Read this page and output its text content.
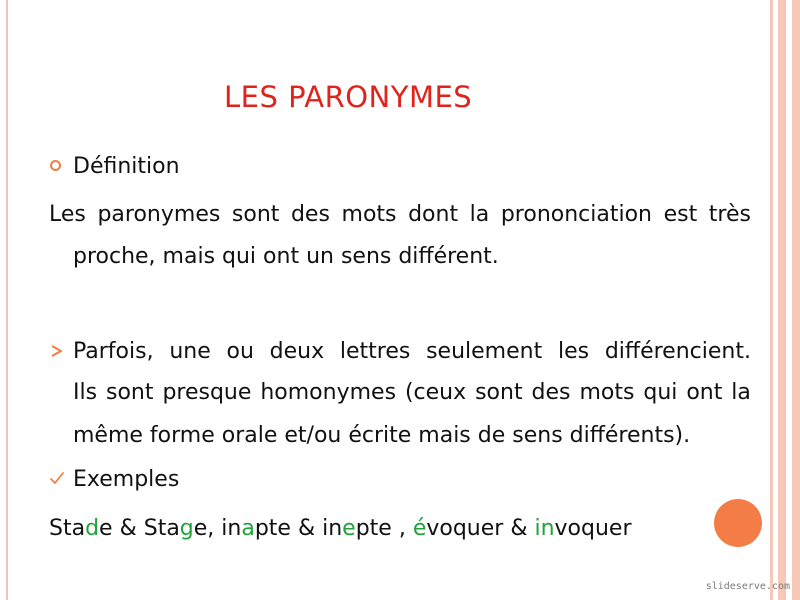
LES PARONYMES
Définition
Les paronymes sont des mots dont la prononciation est très
proche, mais qui ont un sens différent.
Parfois, une ou deux lettres seulement les différencient.
Ils sont presque homonymes (ceux sont des mots qui ont la
même forme orale et/ou écrite mais de sens différents).
Exemples
Stade & Stage, inapte & inepte , évoquer & invoquer
slideserve.com
